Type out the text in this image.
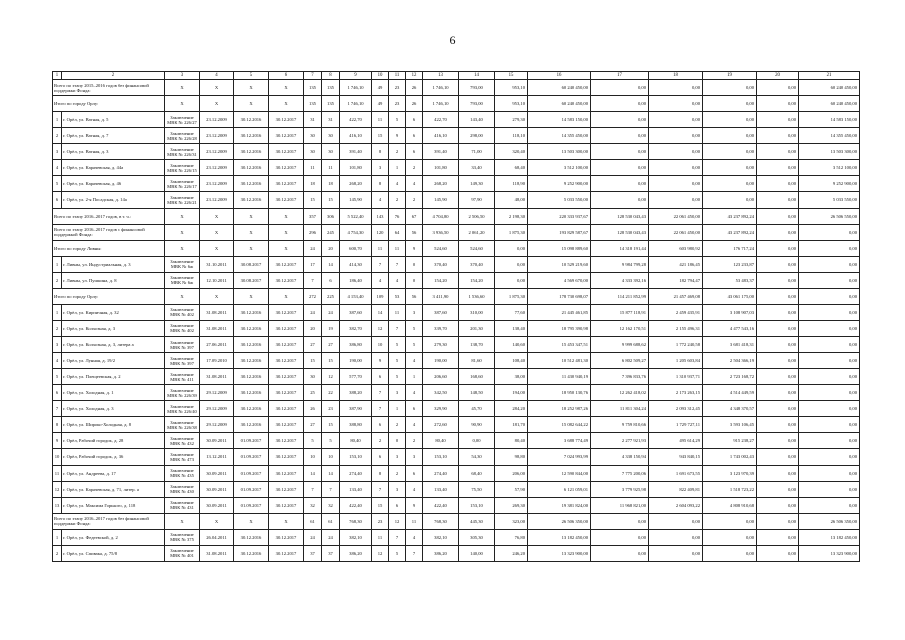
6
1	2	3	4	5	6	7	8	9	10	11	12	13	14	15	16	17	18	19	20	21
Всего по этапу 2015–2016 годов без финансовой поддержки Фонда:		X	X	X	X	135	135	1 746,10	49	23	26	1 746,10	793,00	953,10	60 240 450,00	0,00	0,00	0,00	0,00	60 240 450,00
Итого по городу Орлу:		X	X	X	X	135	135	1 746,10	49	23	26	1 746,10	793,00	953,10	60 240 450,00	0,00	0,00	0,00	0,00	60 240 450,00
1	г. Орёл, ул. Ватная, д. 5	Заключение МВК № 226/27	23.12.2009	30.12.2016	30.12.2017	31	31	422,70	11	5	6	422,70	143,40	279,30	14 583 150,00	0,00	0,00	0,00	0,00	14 583 150,00
2	г. Орёл, ул. Ватная, д. 7	Заключение МВК № 226/28	23.12.2009	30.12.2016	30.12.2017	30	30	416,10	15	9	6	416,10	298,00	118,10	14 355 450,00	0,00	0,00	0,00	0,00	14 355 450,00
3	г. Орёл, ул. Ватная, д. 3	Заключение МВК № 226/31	23.12.2009	30.12.2016	30.12.2017	30	30	391,40	8	2	6	391,40	71,00	320,40	13 503 300,00	0,00	0,00	0,00	0,00	13 503 300,00
4	г. Орёл, ул. Карачевская, д. 44а	Заключение МВК № 226/15	23.12.2009	30.12.2016	30.12.2017	11	11	101,80	3	1	2	101,80	33,40	68,40	3 512 100,00	0,00	0,00	0,00	0,00	3 512 100,00
5	г. Орёл, ул. Карачевская, д. 46	Заключение МВК № 226/17	23.12.2009	30.12.2016	30.12.2017	18	18	268,20	8	4	4	268,20	149,30	118,90	9 252 900,00	0,00	0,00	0,00	0,00	9 252 900,00
6	г. Орёл, ул. 2-я Посадская, д. 14а	Заключение МВК № 226/21	23.12.2009	30.12.2016	30.12.2017	15	15	145,90	4	2	2	145,90	97,90	48,00	5 033 550,00	0,00	0,00	0,00	0,00	5 033 550,00
Всего по этапу 2016–2017 годов, в т. ч.:		X	X	X	X	357	306	5 522,40	143	76	67	4 704,80	2 506,50	2 198,30	220 333 937,67	128 530 043,43	22 061 450,00	43 237 892,24	0,00	26 506 550,00
Всего по этапу 2016–2017 годов с финансовой поддержкой Фонда:		X	X	X	X	296	245	4 754,30	120	64	56	3 936,50	2 061,20	1 875,30	193 829 587,67	128 530 043,43	22 061 450,00	43 237 892,24	0,00	0,00
Итого по городу Ливны:		X	X	X	X	24	20	600,70	11	11	9	524,60	524,60	0,00	15 098 889,60	14 318 191,44	603 980,92	176 717,24	0,00	0,00
1	г. Ливны, ул. Индустриальная, д. 3	Заключение МВК № 6ж	31.10.2011	30.08.2017	30.12.2017	17	14	414,30	7	7	0	370,40	370,40	0,00	10 529 219,60	9 984 799,28	421 186,45	123 233,87	0,00	0,00
2	г. Ливны, ул. Пушкина, д. 8	Заключение МВК № 6ж	12.10.2011	30.08.2017	30.12.2017	7	6	186,40	4	4	0	154,20	154,20	0,00	4 569 670,00	4 333 392,16	182 794,47	53 483,37	0,00	0,00
Итого по городу Орлу:		X	X	X	X	272	225	4 153,40	109	53	56	3 411,90	1 536,60	1 875,30	178 730 698,07	114 211 852,99	21 457 469,08	43 061 175,00	0,00	0,00
1	г. Орёл, ул. Кирпичная, д. 32	Заключение МВК № 402	31.08.2011	30.12.2016	30.12.2017	24	24	387,60	14	11	3	387,60	310,00	77,60	21 445 461,85	15 877 118,91	2 459 435,91	3 108 907,03	0,00	0,00
2	г. Орёл, ул. Колхозная, д. 3	Заключение МВК № 402	31.08.2011	30.12.2016	30.12.2017	20	19	382,70	12	7	5	339,70	201,30	138,40	18 795 390,98	12 162 170,51	2 155 496,31	4 477 543,16	0,00	0,00
3	г. Орёл, ул. Колхозная, д. 3, литера а	Заключение МВК № 397	27.06.2011	30.12.2016	30.12.2017	27	27	386,80	10	5	5	279,30	138,70	140,60	15 453 347,51	9 999 688,62	1 772 240,58	3 681 418,31	0,00	0,00
4	г. Орёл, ул. Лунная, д. 19/2	Заключение МВК № 397	17.09.2010	30.12.2016	30.12.2017	15	15	190,00	9	5	4	190,00	81,60	108,40	10 512 481,30	6 802 509,27	1 205 603,84	2 504 366,19	0,00	0,00
5	г. Орёл, ул. Плещеевская, д. 2	Заключение МВК № 411	31.08.2011	30.12.2016	30.12.2017	30	12	577,70	6	5	1	206,60	168,60	38,00	11 430 940,19	7 396 833,76	1 310 937,71	2 723 168,72	0,00	0,00
6	г. Орёл, ул. Холодная, д. 1	Заключение МВК № 226/39	29.12.2009	30.12.2016	30.12.2017	25	22	388,20	7	3	4	342,50	148,50	194,00	18 950 130,76	12 262 418,02	2 173 263,15	4 514 449,59	0,00	0,00
7	г. Орёл, ул. Холодная, д. 3	Заключение МВК № 226/40	29.12.2009	30.12.2016	30.12.2017	26	23	387,90	7	1	6	329,90	45,70	284,20	18 252 987,26	11 811 304,24	2 093 312,45	4 348 370,57	0,00	0,00
8	г. Орёл, ул. Широко-Холодная, д. 8	Заключение МВК № 226/38	29.12.2009	30.12.2016	30.12.2017	27	15	388,80	6	2	4	272,60	90,90	181,70	15 082 644,22	9 759 810,66	1 729 727,11	3 593 106,45	0,00	0,00
9	г. Орёл, Рабочий городок, д. 28	Заключение МВК № 432	30.09.2011	01.09.2017	30.12.2017	5	5	80,40	2	0	2	80,40	0,00	80,40	3 688 774,49	2 277 921,93	495 614,29	915 238,27	0,00	0,00
10	г. Орёл, Рабочий городок, д. 36	Заключение МВК № 473	13.12.2011	01.09.2017	30.12.2017	10	10	153,10	6	3	3	153,10	54,30	98,80	7 024 993,99	4 338 150,94	943 840,15	1 743 002,43	0,00	0,00
11	г. Орёл, ул. Андреева, д. 17	Заключение МВК № 435	30.09.2011	01.09.2017	30.12.2017	14	14	274,40	8	2	6	274,40	68,40	206,00	12 590 844,00	7 775 200,06	1 691 673,55	3 123 970,39	0,00	0,00
12	г. Орёл, ул. Карачевская, д. 71, литер. а	Заключение МВК № 430	30.09.2011	01.09.2017	30.12.2017	7	7	133,40	7	3	4	133,40	75,50	57,90	6 121 059,01	3 779 925,98	822 409,81	1 518 723,22	0,00	0,00
13	г. Орёл, ул. Максима Горького, д. 118	Заключение МВК № 431	30.09.2011	01.09.2017	30.12.2017	32	32	422,40	15	6	9	422,40	153,10	269,30	19 381 824,00	11 968 821,00	2 604 093,22	4 808 910,68	0,00	0,00
Всего по этапу 2016–2017 годов без финансовой поддержки Фонда:		X	X	X	X	61	61	768,30	23	12	11	768,30	445,30	323,00	26 506 350,00	0,00	0,00	0,00	0,00	26 506 350,00
1	г. Орёл, ул. Федеевской, д. 2	Заключение МВК № 375	26.04.2011	30.12.2016	30.12.2017	24	24	382,10	11	7	4	382,10	305,30	76,80	13 182 450,00	0,00	0,00	0,00	0,00	13 182 450,00
2	г. Орёл, ул. Спивака, д. 75/8	Заключение МВК № 401	31.08.2011	30.12.2016	30.12.2017	37	37	386,20	12	5	7	386,20	140,00	246,20	13 323 900,00	0,00	0,00	0,00	0,00	13 323 900,00
